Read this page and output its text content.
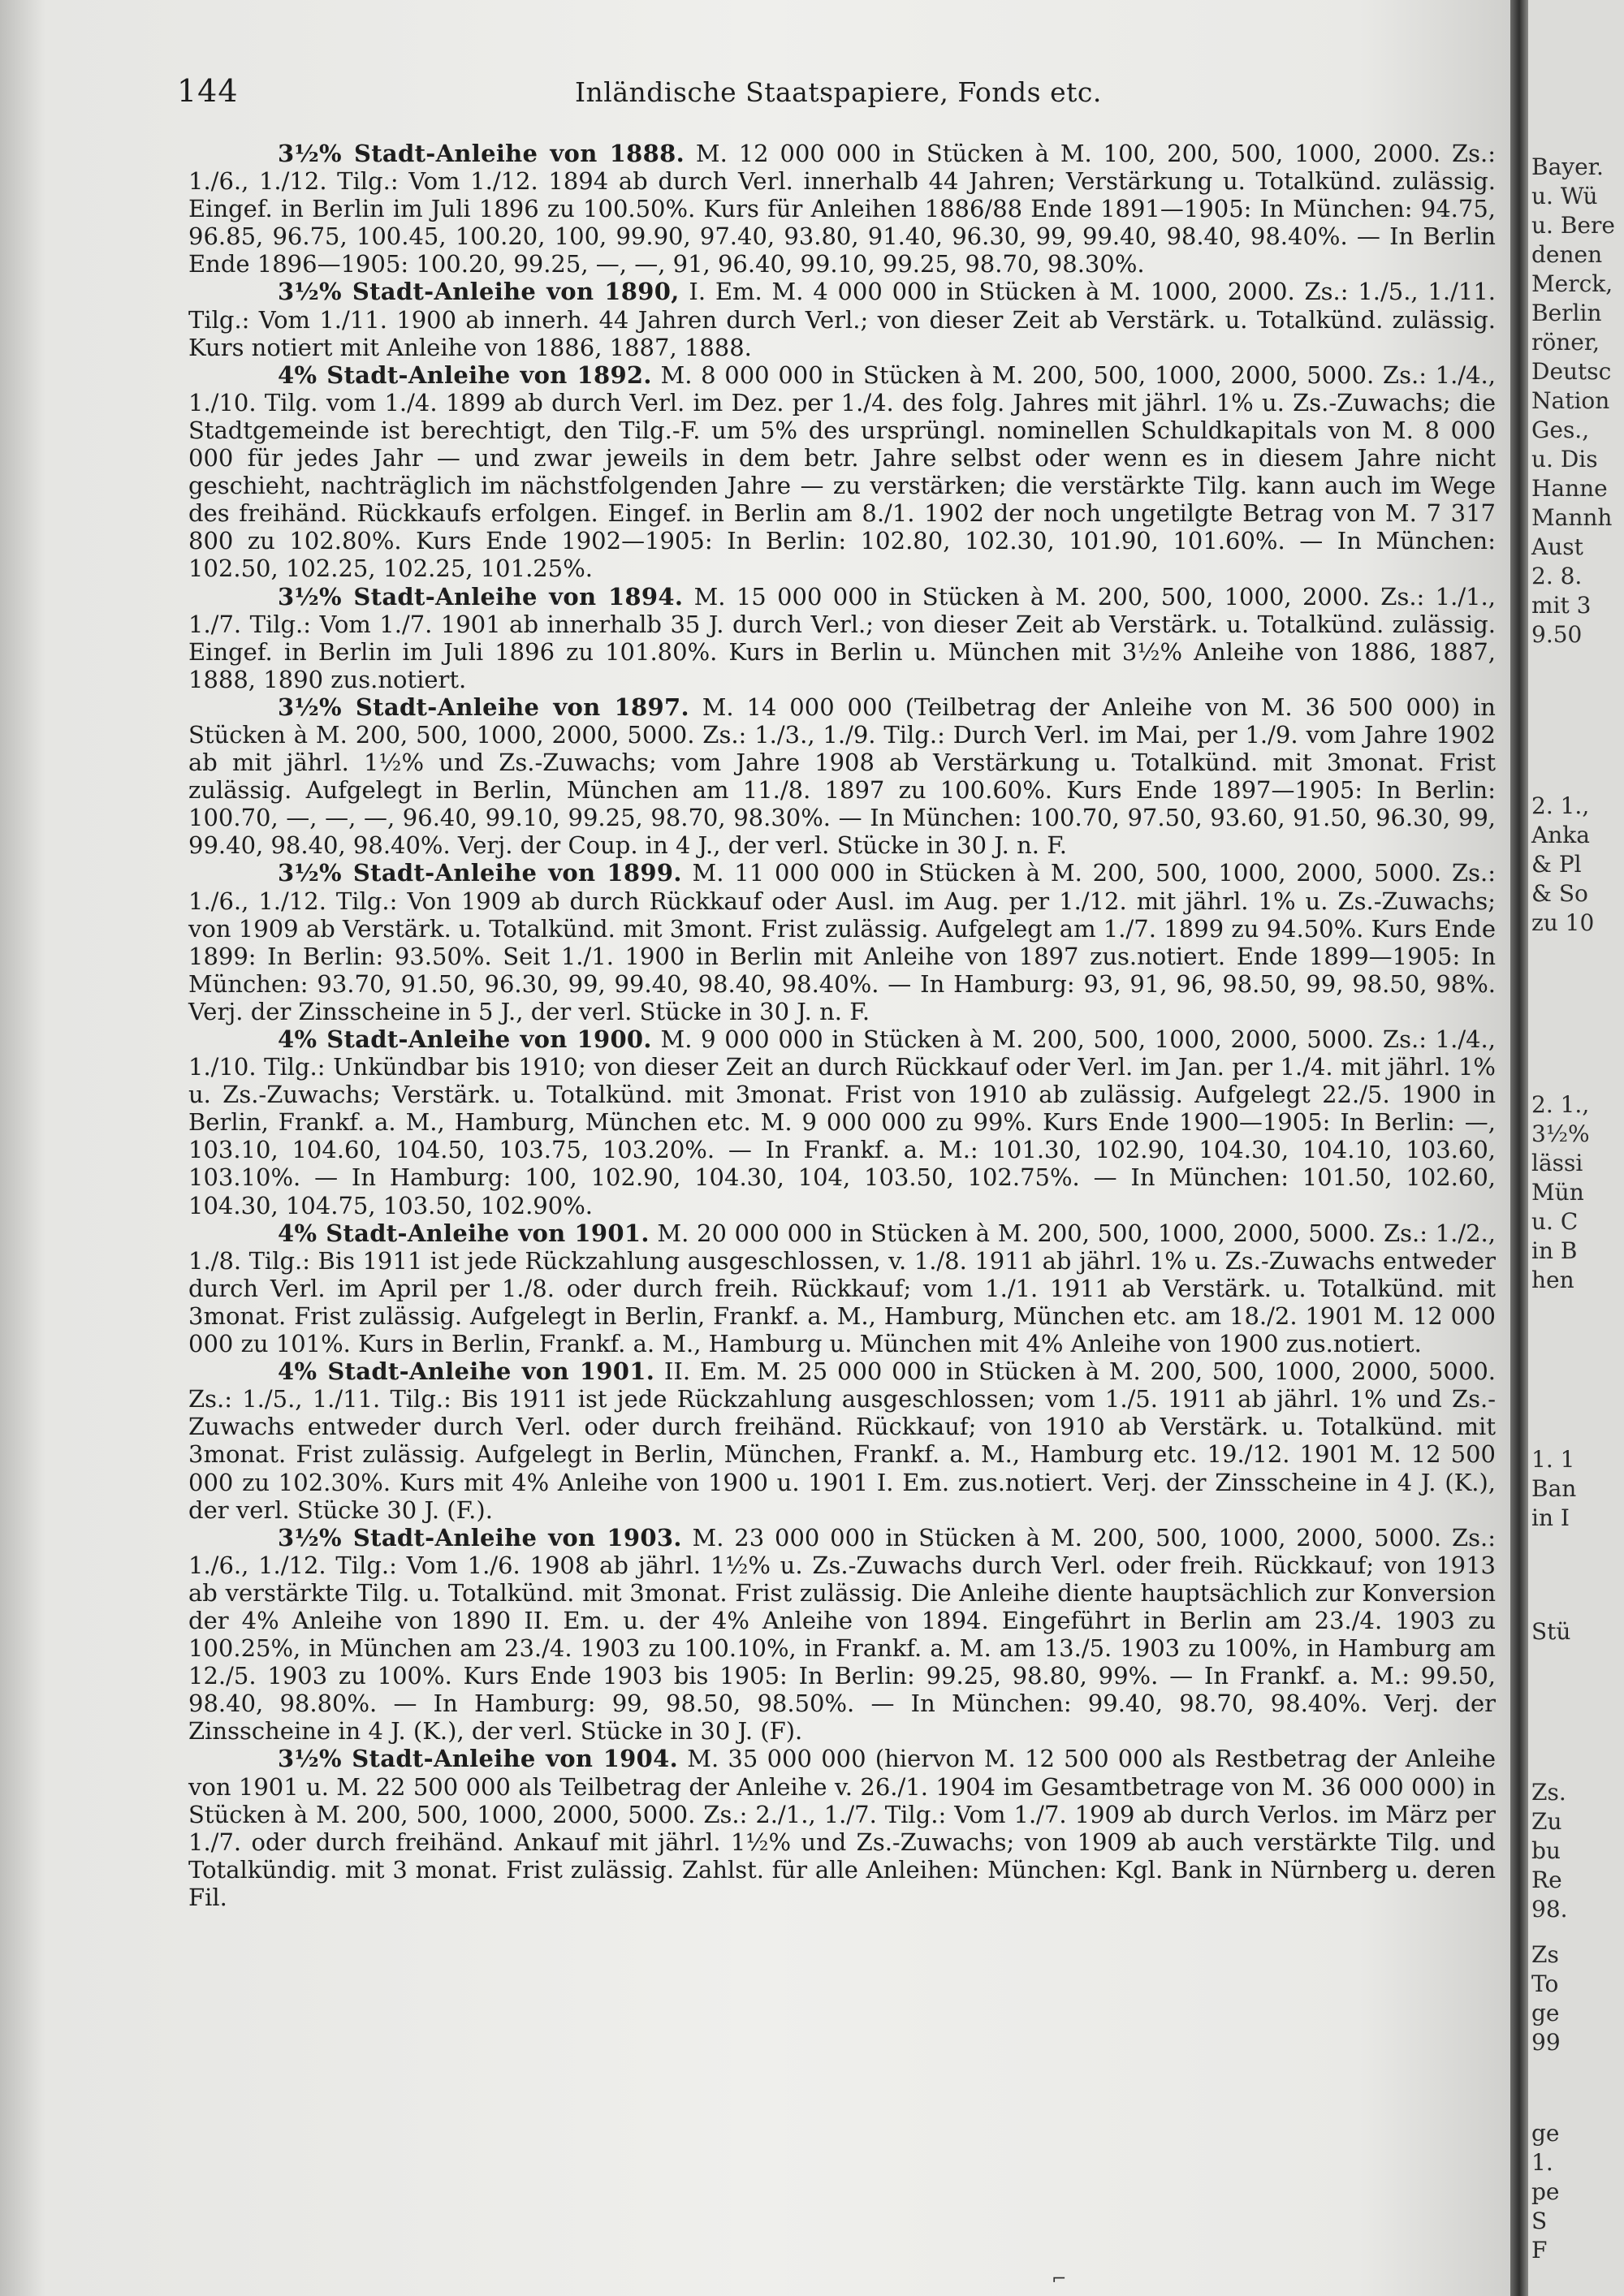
144	Inländische Staatspapiere, Fonds etc.

3½% Stadt-Anleihe von 1888. M. 12 000 000 in Stücken à M. 100, 200, 500, 1000, 2000. Zs.: 1./6., 1./12. Tilg.: Vom 1./12. 1894 ab durch Verl. innerhalb 44 Jahren; Verstärkung u. Totalkünd. zulässig. Eingef. in Berlin im Juli 1896 zu 100.50%. Kurs für Anleihen 1886/88 Ende 1891—1905: In München: 94.75, 96.85, 96.75, 100.45, 100.20, 100, 99.90, 97.40, 93.80, 91.40, 96.30, 99, 99.40, 98.40, 98.40%. — In Berlin Ende 1896—1905: 100.20, 99.25, —, —, 91, 96.40, 99.10, 99.25, 98.70, 98.30%.

3½% Stadt-Anleihe von 1890, I. Em. M. 4 000 000 in Stücken à M. 1000, 2000. Zs.: 1./5., 1./11. Tilg.: Vom 1./11. 1900 ab innerh. 44 Jahren durch Verl.; von dieser Zeit ab Verstärk. u. Totalkünd. zulässig. Kurs notiert mit Anleihe von 1886, 1887, 1888.

4% Stadt-Anleihe von 1892. M. 8 000 000 in Stücken à M. 200, 500, 1000, 2000, 5000. Zs.: 1./4., 1./10. Tilg. vom 1./4. 1899 ab durch Verl. im Dez. per 1./4. des folg. Jahres mit jährl. 1% u. Zs.-Zuwachs; die Stadtgemeinde ist berechtigt, den Tilg.-F. um 5% des ursprüngl. nominellen Schuldkapitals von M. 8 000 000 für jedes Jahr — und zwar jeweils in dem betr. Jahre selbst oder wenn es in diesem Jahre nicht geschieht, nachträglich im nächstfolgenden Jahre — zu verstärken; die verstärkte Tilg. kann auch im Wege des freihänd. Rückkaufs erfolgen. Eingef. in Berlin am 8./1. 1902 der noch ungetilgte Betrag von M. 7 317 800 zu 102.80%. Kurs Ende 1902—1905: In Berlin: 102.80, 102.30, 101.90, 101.60%. — In München: 102.50, 102.25, 102.25, 101.25%.

3½% Stadt-Anleihe von 1894. M. 15 000 000 in Stücken à M. 200, 500, 1000, 2000. Zs.: 1./1., 1./7. Tilg.: Vom 1./7. 1901 ab innerhalb 35 J. durch Verl.; von dieser Zeit ab Verstärk. u. Totalkünd. zulässig. Eingef. in Berlin im Juli 1896 zu 101.80%. Kurs in Berlin u. München mit 3½% Anleihe von 1886, 1887, 1888, 1890 zus.notiert.

3½% Stadt-Anleihe von 1897. M. 14 000 000 (Teilbetrag der Anleihe von M. 36 500 000) in Stücken à M. 200, 500, 1000, 2000, 5000. Zs.: 1./3., 1./9. Tilg.: Durch Verl. im Mai, per 1./9. vom Jahre 1902 ab mit jährl. 1½% und Zs.-Zuwachs; vom Jahre 1908 ab Verstärkung u. Totalkünd. mit 3monat. Frist zulässig. Aufgelegt in Berlin, München am 11./8. 1897 zu 100.60%. Kurs Ende 1897—1905: In Berlin: 100.70, —, —, —, 96.40, 99.10, 99.25, 98.70, 98.30%. — In München: 100.70, 97.50, 93.60, 91.50, 96.30, 99, 99.40, 98.40, 98.40%. Verj. der Coup. in 4 J., der verl. Stücke in 30 J. n. F.

3½% Stadt-Anleihe von 1899. M. 11 000 000 in Stücken à M. 200, 500, 1000, 2000, 5000. Zs.: 1./6., 1./12. Tilg.: Von 1909 ab durch Rückkauf oder Ausl. im Aug. per 1./12. mit jährl. 1% u. Zs.-Zuwachs; von 1909 ab Verstärk. u. Totalkünd. mit 3mont. Frist zulässig. Aufgelegt am 1./7. 1899 zu 94.50%. Kurs Ende 1899: In Berlin: 93.50%. Seit 1./1. 1900 in Berlin mit Anleihe von 1897 zus.notiert. Ende 1899—1905: In München: 93.70, 91.50, 96.30, 99, 99.40, 98.40, 98.40%. — In Hamburg: 93, 91, 96, 98.50, 99, 98.50, 98%. Verj. der Zinsscheine in 5 J., der verl. Stücke in 30 J. n. F.

4% Stadt-Anleihe von 1900. M. 9 000 000 in Stücken à M. 200, 500, 1000, 2000, 5000. Zs.: 1./4., 1./10. Tilg.: Unkündbar bis 1910; von dieser Zeit an durch Rückkauf oder Verl. im Jan. per 1./4. mit jährl. 1% u. Zs.-Zuwachs; Verstärk. u. Totalkünd. mit 3monat. Frist von 1910 ab zulässig. Aufgelegt 22./5. 1900 in Berlin, Frankf. a. M., Hamburg, München etc. M. 9 000 000 zu 99%. Kurs Ende 1900—1905: In Berlin: —, 103.10, 104.60, 104.50, 103.75, 103.20%. — In Frankf. a. M.: 101.30, 102.90, 104.30, 104.10, 103.60, 103.10%. — In Hamburg: 100, 102.90, 104.30, 104, 103.50, 102.75%. — In München: 101.50, 102.60, 104.30, 104.75, 103.50, 102.90%.

4% Stadt-Anleihe von 1901. M. 20 000 000 in Stücken à M. 200, 500, 1000, 2000, 5000. Zs.: 1./2., 1./8. Tilg.: Bis 1911 ist jede Rückzahlung ausgeschlossen, v. 1./8. 1911 ab jährl. 1% u. Zs.-Zuwachs entweder durch Verl. im April per 1./8. oder durch freih. Rückkauf; vom 1./1. 1911 ab Verstärk. u. Totalkünd. mit 3monat. Frist zulässig. Aufgelegt in Berlin, Frankf. a. M., Hamburg, München etc. am 18./2. 1901 M. 12 000 000 zu 101%. Kurs in Berlin, Frankf. a. M., Hamburg u. München mit 4% Anleihe von 1900 zus.notiert.

4% Stadt-Anleihe von 1901. II. Em. M. 25 000 000 in Stücken à M. 200, 500, 1000, 2000, 5000. Zs.: 1./5., 1./11. Tilg.: Bis 1911 ist jede Rückzahlung ausgeschlossen; vom 1./5. 1911 ab jährl. 1% und Zs.-Zuwachs entweder durch Verl. oder durch freihänd. Rückkauf; von 1910 ab Verstärk. u. Totalkünd. mit 3monat. Frist zulässig. Aufgelegt in Berlin, München, Frankf. a. M., Hamburg etc. 19./12. 1901 M. 12 500 000 zu 102.30%. Kurs mit 4% Anleihe von 1900 u. 1901 I. Em. zus.notiert. Verj. der Zinsscheine in 4 J. (K.), der verl. Stücke 30 J. (F.).

3½% Stadt-Anleihe von 1903. M. 23 000 000 in Stücken à M. 200, 500, 1000, 2000, 5000. Zs.: 1./6., 1./12. Tilg.: Vom 1./6. 1908 ab jährl. 1½% u. Zs.-Zuwachs durch Verl. oder freih. Rückkauf; von 1913 ab verstärkte Tilg. u. Totalkünd. mit 3monat. Frist zulässig. Die Anleihe diente hauptsächlich zur Konversion der 4% Anleihe von 1890 II. Em. u. der 4% Anleihe von 1894. Eingeführt in Berlin am 23./4. 1903 zu 100.25%, in München am 23./4. 1903 zu 100.10%, in Frankf. a. M. am 13./5. 1903 zu 100%, in Hamburg am 12./5. 1903 zu 100%. Kurs Ende 1903 bis 1905: In Berlin: 99.25, 98.80, 99%. — In Frankf. a. M.: 99.50, 98.40, 98.80%. — In Hamburg: 99, 98.50, 98.50%. — In München: 99.40, 98.70, 98.40%. Verj. der Zinsscheine in 4 J. (K.), der verl. Stücke in 30 J. (F).

3½% Stadt-Anleihe von 1904. M. 35 000 000 (hiervon M. 12 500 000 als Restbetrag der Anleihe von 1901 u. M. 22 500 000 als Teilbetrag der Anleihe v. 26./1. 1904 im Gesamtbetrage von M. 36 000 000) in Stücken à M. 200, 500, 1000, 2000, 5000. Zs.: 2./1., 1./7. Tilg.: Vom 1./7. 1909 ab durch Verlos. im März per 1./7. oder durch freihänd. Ankauf mit jährl. 1½% und Zs.-Zuwachs; von 1909 ab auch verstärkte Tilg. und Totalkündig. mit 3 monat. Frist zulässig. Zahlst. für alle Anleihen: München: Kgl. Bank in Nürnberg u. deren Fil.

⌐
Bayer.
u. Wü
u. Bere
denen
Merck,
Berlin
röner,
Deutsc
Nation
Ges.,
u. Dis
Hanne
Mannh
Aust
2. 8.
mit 3
9.50
2. 1.,
Anka
& Pl
& So
zu 10
2. 1.,
3½%
lässi
Mün
u. C
in B
hen
1. 1
Ban
in I
Stü
Zs.
Zu
bu
Re
98.
Zs
To
ge
99
ge
1.
pe
S
F
